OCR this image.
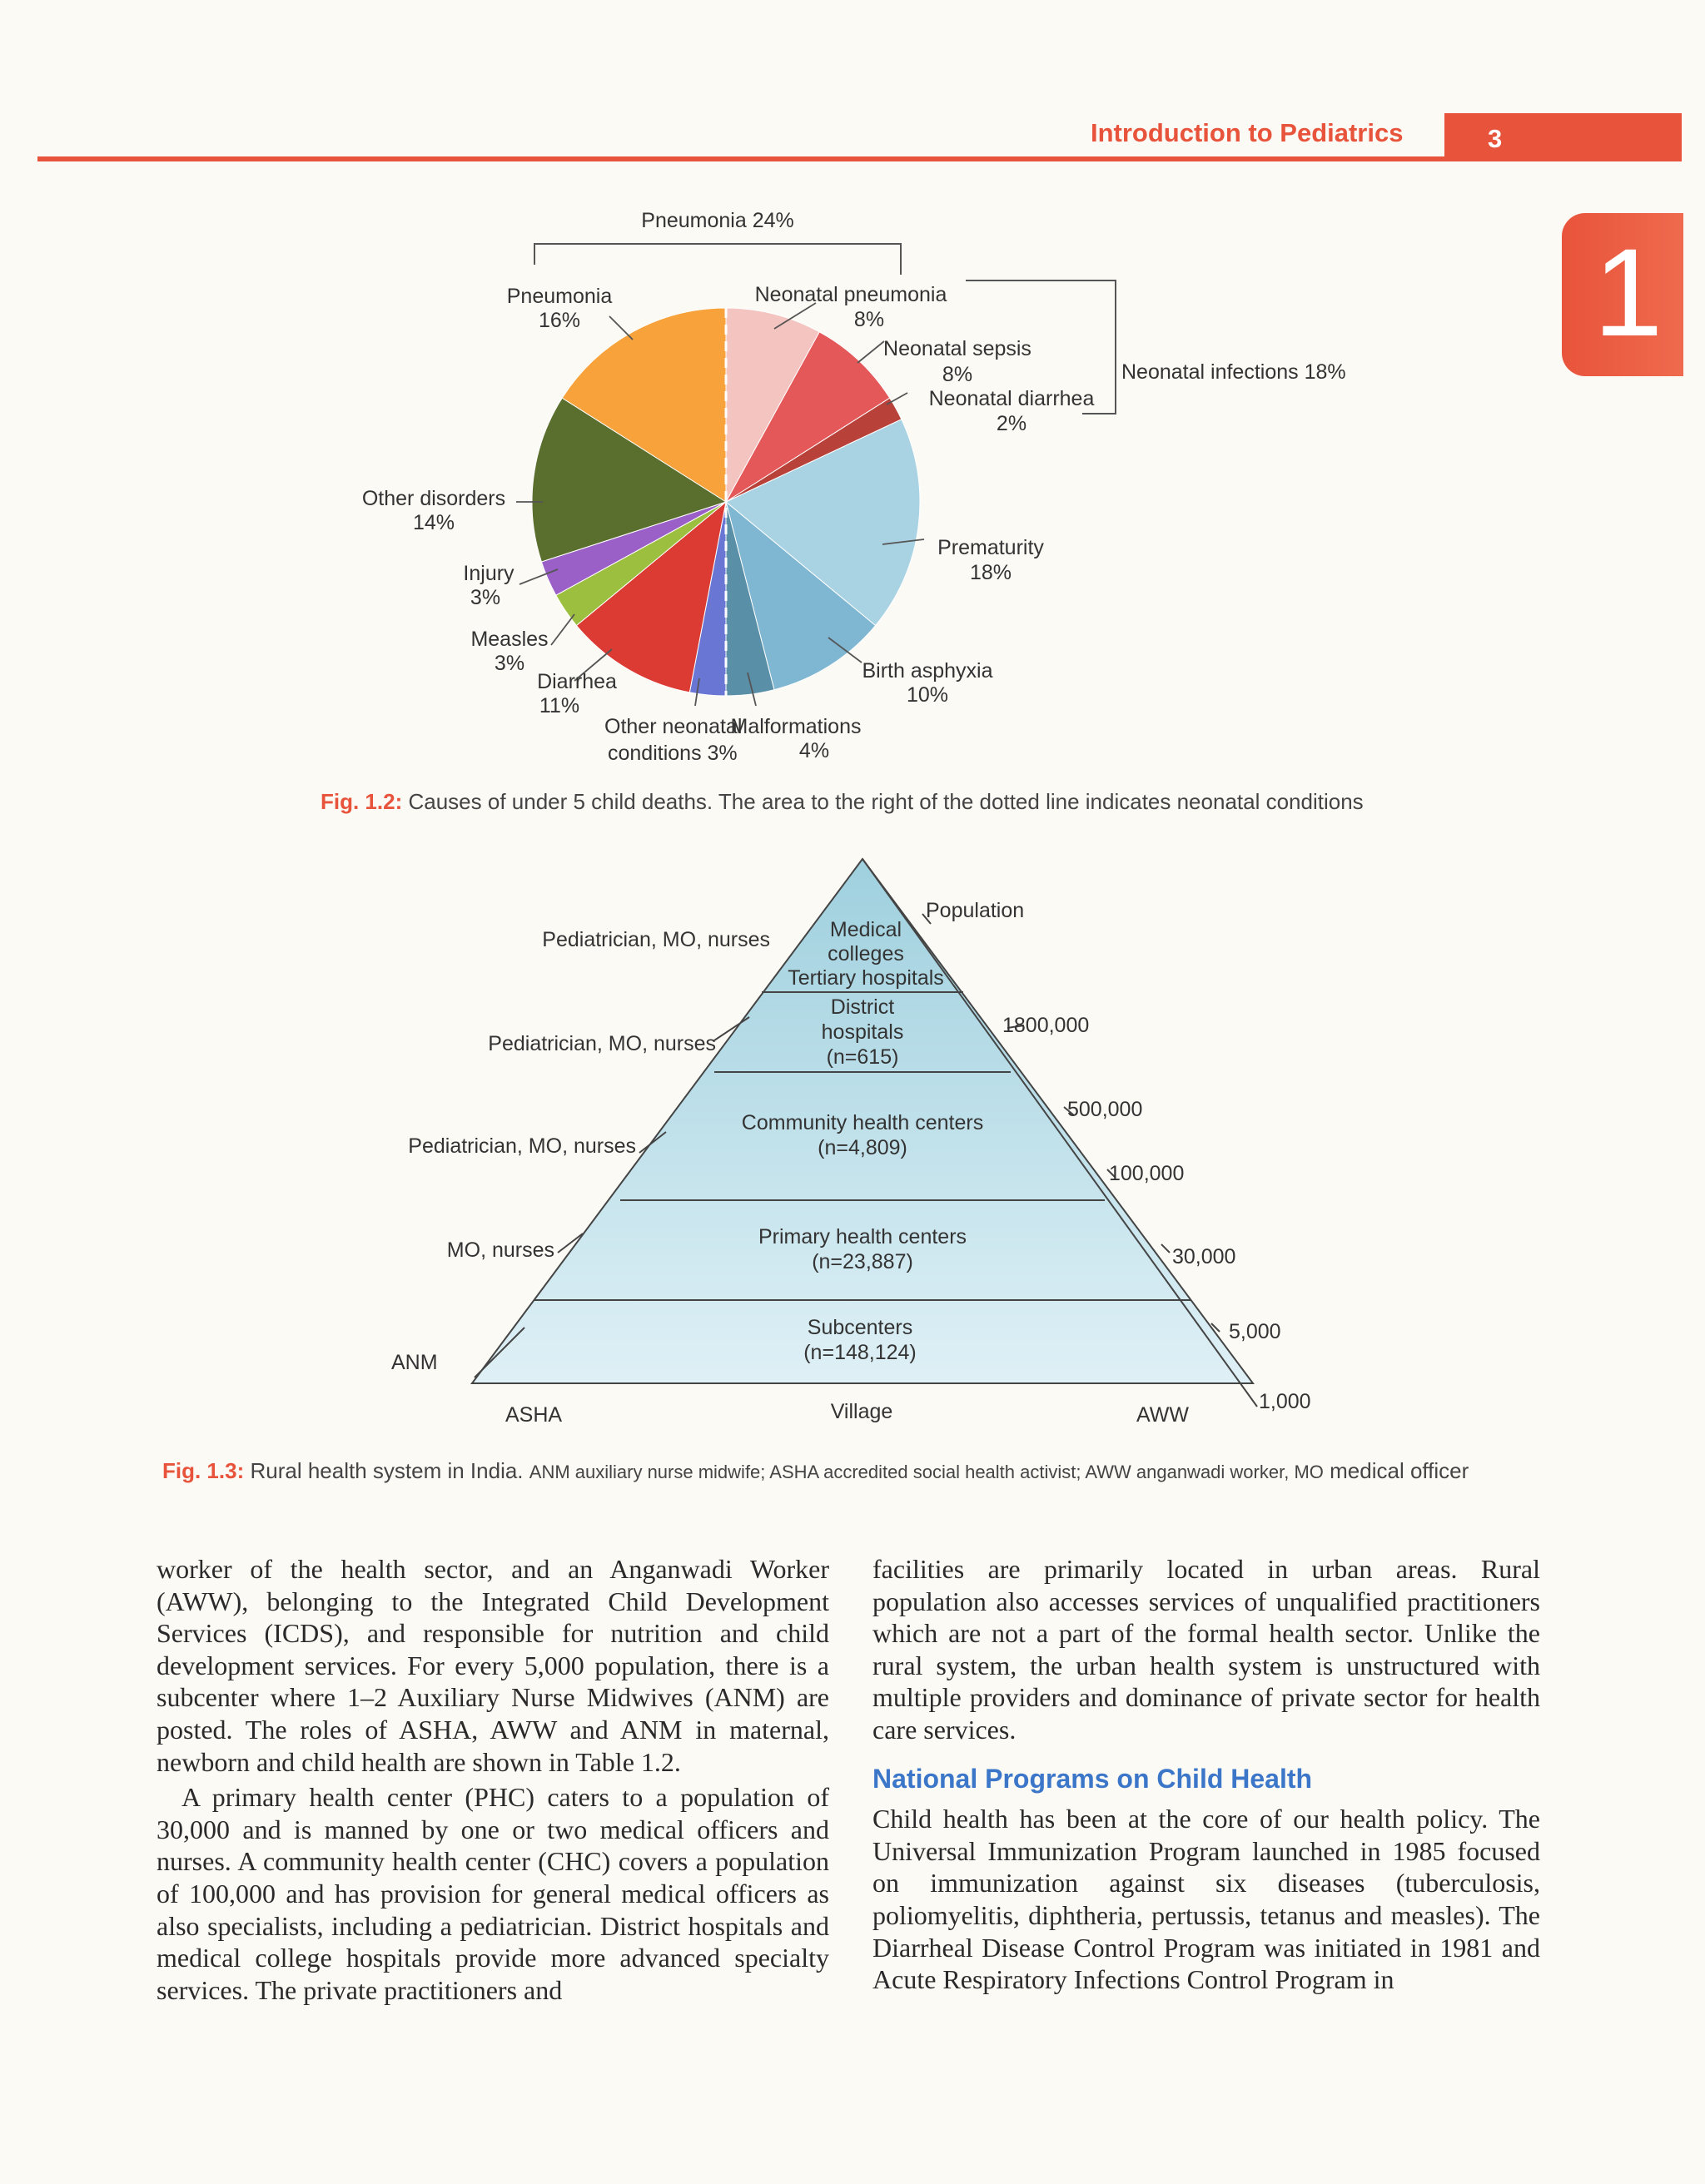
Introduction to Pediatrics	3
1
Pneumonia 24%
Neonatal infections 18%
Pneumonia
16%
Neonatal pneumonia
8%
Neonatal sepsis
8%
Neonatal diarrhea
2%
Prematurity
18%
Birth asphyxia
10%
Malformations
4%
Other neonatal
conditions 3%
Diarrhea
11%
Measles
3%
Injury
3%
Other disorders
14%
Fig. 1.2: Causes of under 5 child deaths. The area to the right of the dotted line indicates neonatal conditions
Medical
colleges
Tertiary hospitals
District
hospitals
(n=615)
Community health centers
(n=4,809)
Primary health centers
(n=23,887)
Subcenters
(n=148,124)
Pediatrician, MO, nurses
Pediatrician, MO, nurses
Pediatrician, MO, nurses
MO, nurses
ANM
Population
1800,000
500,000
100,000
30,000
5,000
1,000
ASHA	Village	AWW
Fig. 1.3: Rural health system in India. ANM auxiliary nurse midwife; ASHA accredited social health activist; AWW anganwadi worker, MO medical officer

worker of the health sector, and an Anganwadi Worker (AWW), belonging to the Integrated Child Development Services (ICDS), and responsible for nutrition and child development services. For every 5,000 population, there is a subcenter where 1–2 Auxiliary Nurse Midwives (ANM) are posted. The roles of ASHA, AWW and ANM in maternal, newborn and child health are shown in Table 1.2.

A primary health center (PHC) caters to a population of 30,000 and is manned by one or two medical officers and nurses. A community health center (CHC) covers a population of 100,000 and has provision for general medical officers as also specialists, including a pediatrician. District hospitals and medical college hospitals provide more advanced specialty services. The private practitioners and

facilities are primarily located in urban areas. Rural population also accesses services of unqualified practitioners which are not a part of the formal health sector. Unlike the rural system, the urban health system is unstructured with multiple providers and dominance of private sector for health care services.

National Programs on Child Health

Child health has been at the core of our health policy. The Universal Immunization Program launched in 1985 focused on immunization against six diseases (tuberculosis, poliomyelitis, diphtheria, pertussis, tetanus and measles). The Diarrheal Disease Control Program was initiated in 1981 and Acute Respiratory Infections Control Program in
